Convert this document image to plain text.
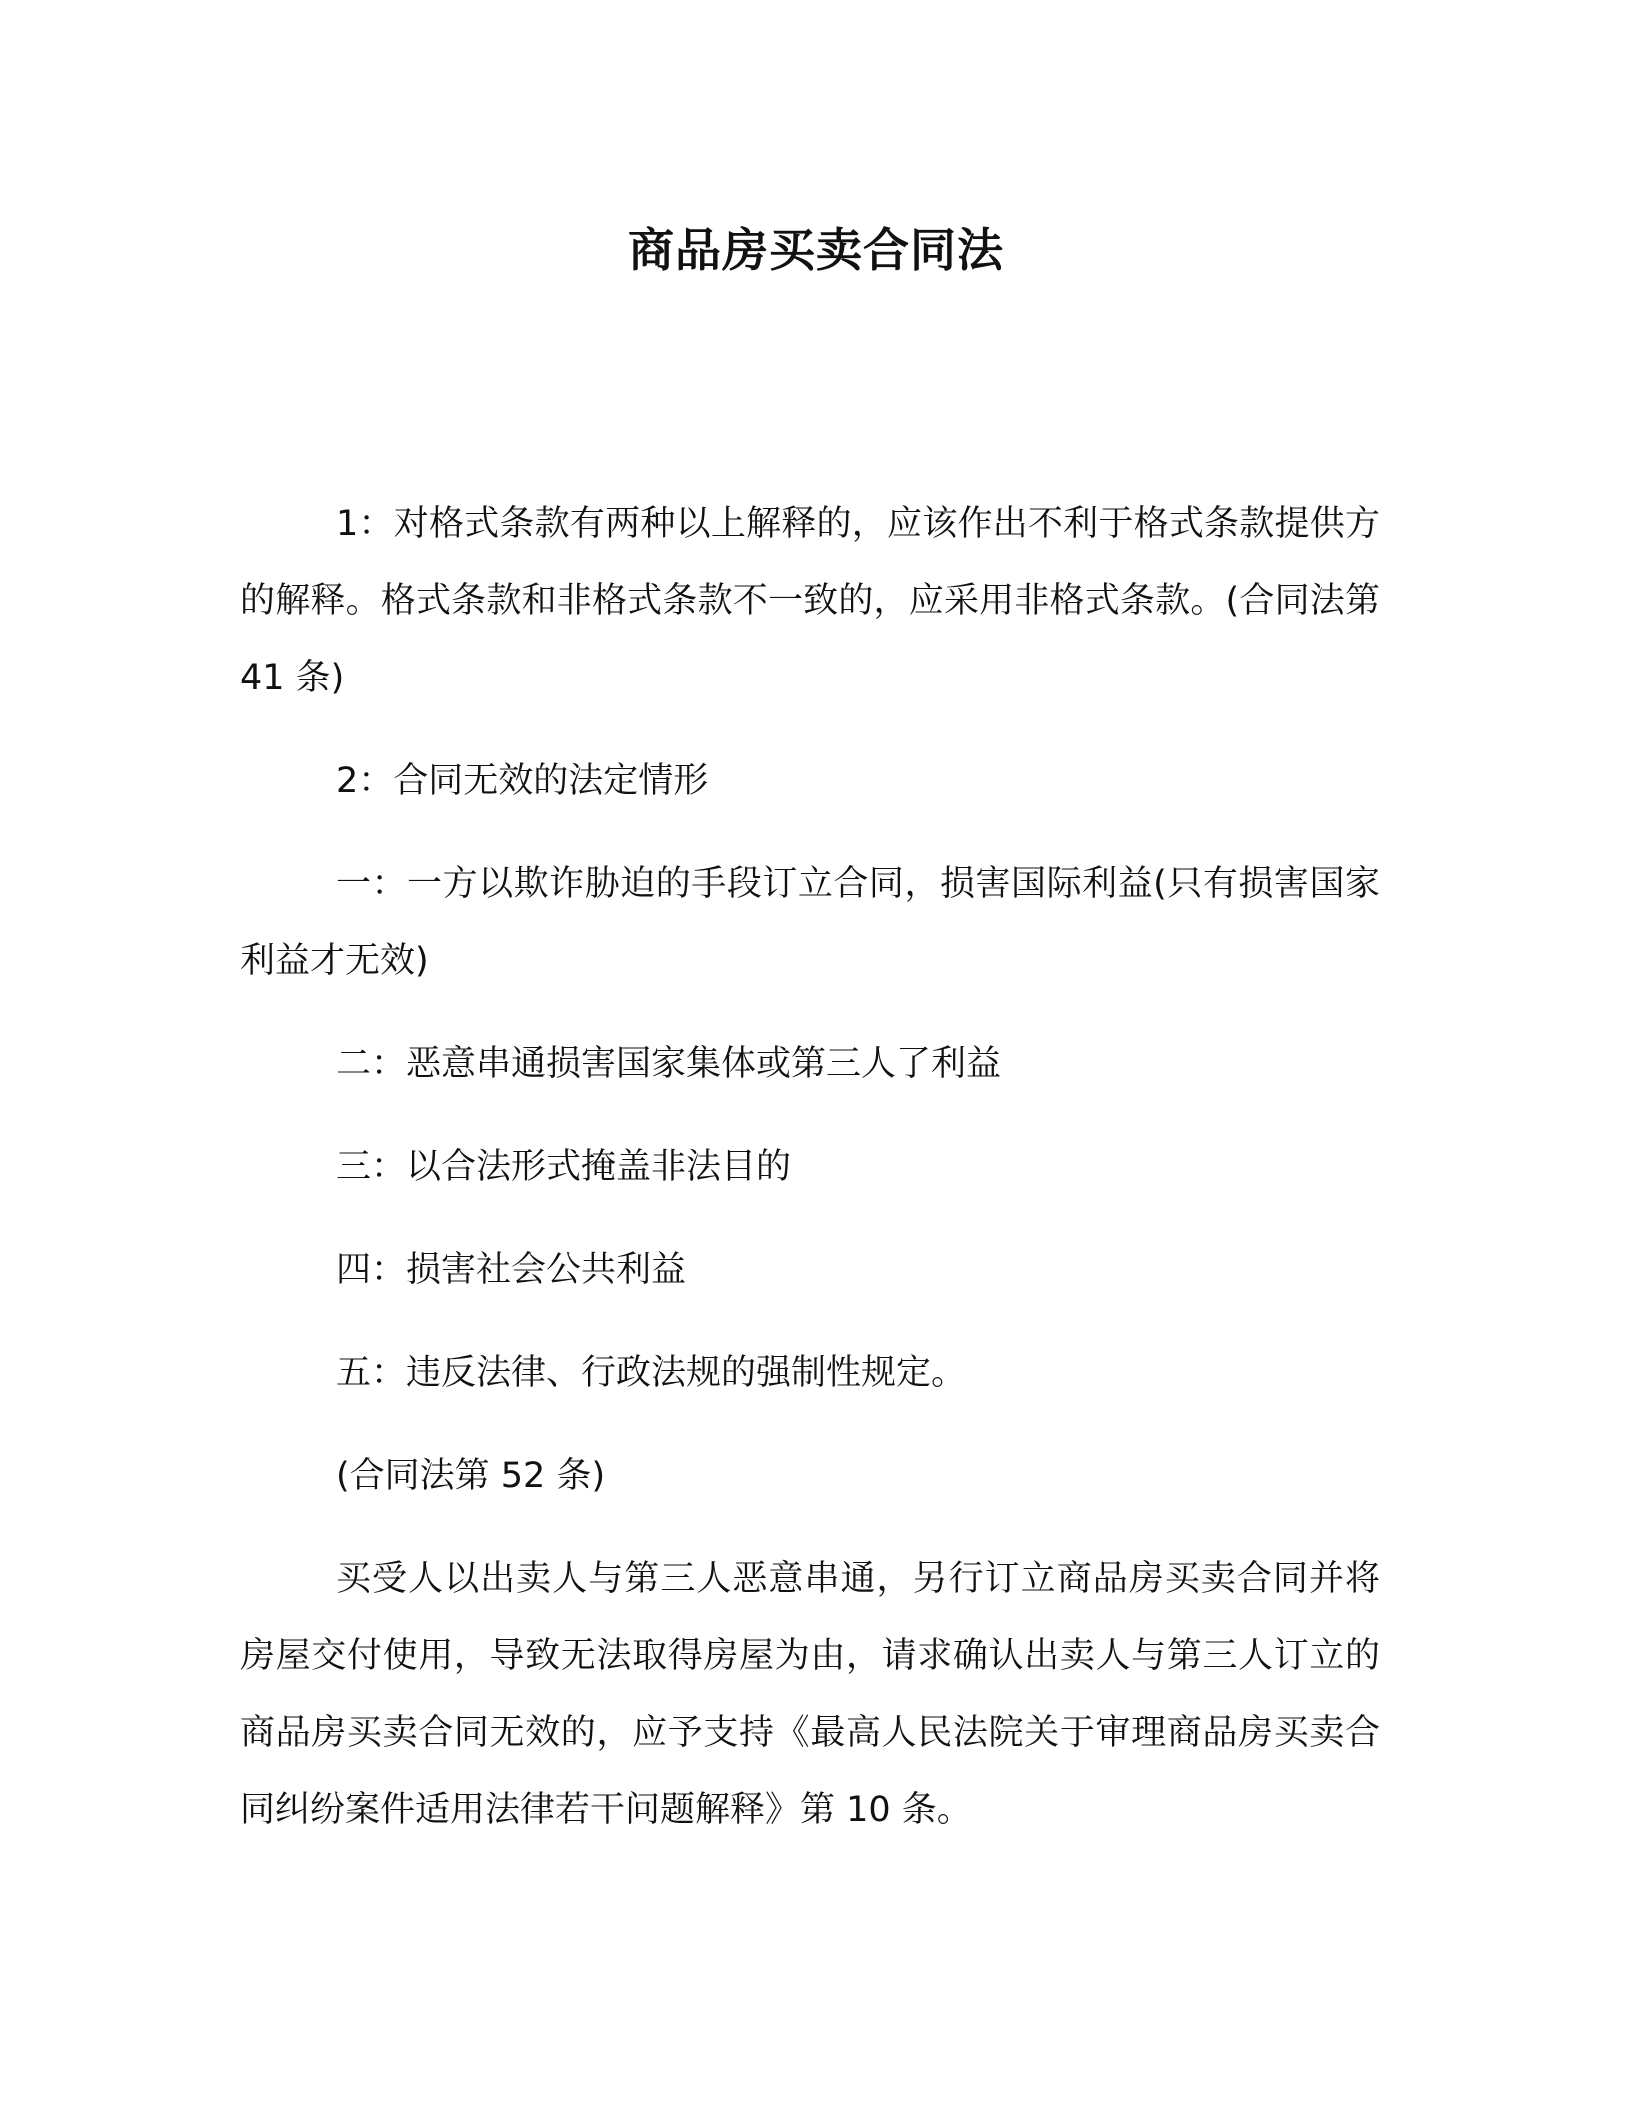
商品房买卖合同法

1：对格式条款有两种以上解释的，应该作出不利于格式条款提供方的解释。格式条款和非格式条款不一致的，应采用非格式条款。(合同法第 41 条)

2：合同无效的法定情形

一：一方以欺诈胁迫的手段订立合同，损害国际利益(只有损害国家利益才无效)

二：恶意串通损害国家集体或第三人了利益

三：以合法形式掩盖非法目的

四：损害社会公共利益

五：违反法律、行政法规的强制性规定。

(合同法第 52 条)

买受人以出卖人与第三人恶意串通，另行订立商品房买卖合同并将房屋交付使用，导致无法取得房屋为由，请求确认出卖人与第三人订立的商品房买卖合同无效的，应予支持《最高人民法院关于审理商品房买卖合同纠纷案件适用法律若干问题解释》第 10 条。
